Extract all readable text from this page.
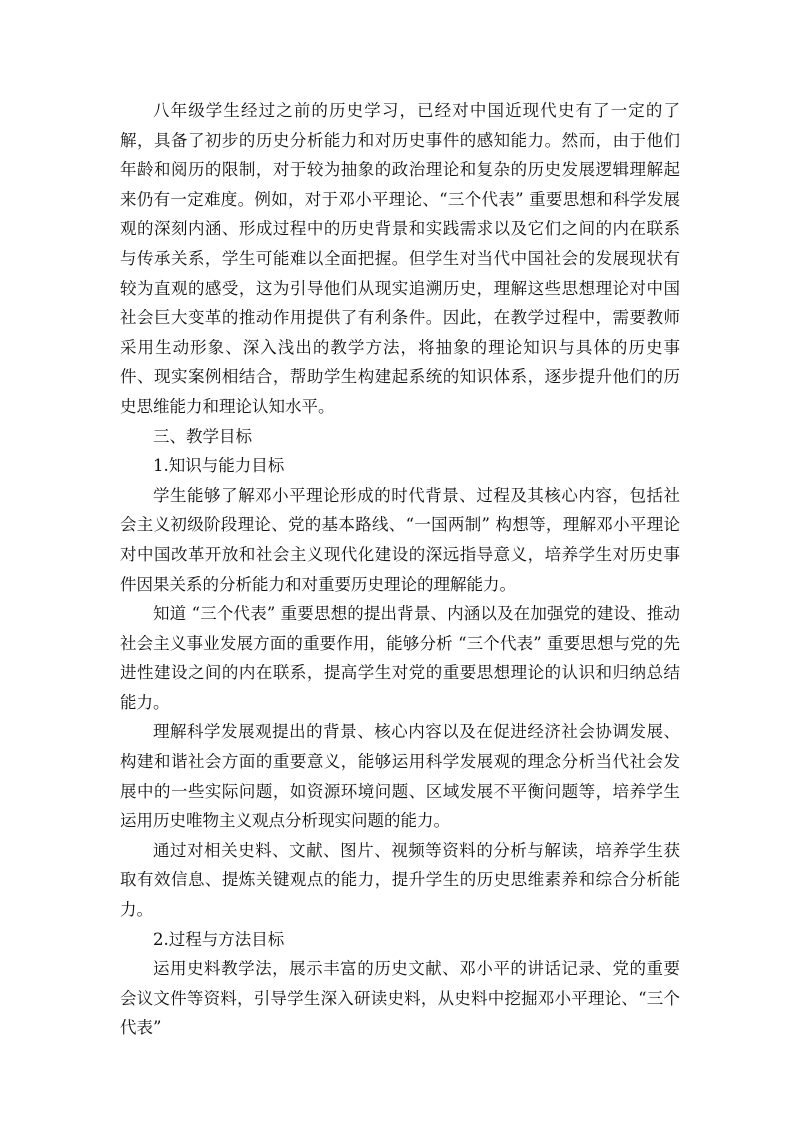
八年级学生经过之前的历史学习，已经对中国近现代史有了一定的了解，具备了初步的历史分析能力和对历史事件的感知能力。然而，由于他们年龄和阅历的限制，对于较为抽象的政治理论和复杂的历史发展逻辑理解起来仍有一定难度。例如，对于邓小平理论、“三个代表” 重要思想和科学发展观的深刻内涵、形成过程中的历史背景和实践需求以及它们之间的内在联系与传承关系，学生可能难以全面把握。但学生对当代中国社会的发展现状有较为直观的感受，这为引导他们从现实追溯历史，理解这些思想理论对中国社会巨大变革的推动作用提供了有利条件。因此，在教学过程中，需要教师采用生动形象、深入浅出的教学方法，将抽象的理论知识与具体的历史事件、现实案例相结合，帮助学生构建起系统的知识体系，逐步提升他们的历史思维能力和理论认知水平。

三、教学目标

1.知识与能力目标

学生能够了解邓小平理论形成的时代背景、过程及其核心内容，包括社会主义初级阶段理论、党的基本路线、“一国两制” 构想等，理解邓小平理论对中国改革开放和社会主义现代化建设的深远指导意义，培养学生对历史事件因果关系的分析能力和对重要历史理论的理解能力。

知道 “三个代表” 重要思想的提出背景、内涵以及在加强党的建设、推动社会主义事业发展方面的重要作用，能够分析 “三个代表” 重要思想与党的先进性建设之间的内在联系，提高学生对党的重要思想理论的认识和归纳总结能力。

理解科学发展观提出的背景、核心内容以及在促进经济社会协调发展、构建和谐社会方面的重要意义，能够运用科学发展观的理念分析当代社会发展中的一些实际问题，如资源环境问题、区域发展不平衡问题等，培养学生运用历史唯物主义观点分析现实问题的能力。

通过对相关史料、文献、图片、视频等资料的分析与解读，培养学生获取有效信息、提炼关键观点的能力，提升学生的历史思维素养和综合分析能力。

2.过程与方法目标

运用史料教学法，展示丰富的历史文献、邓小平的讲话记录、党的重要会议文件等资料，引导学生深入研读史料，从史料中挖掘邓小平理论、“三个代表”
